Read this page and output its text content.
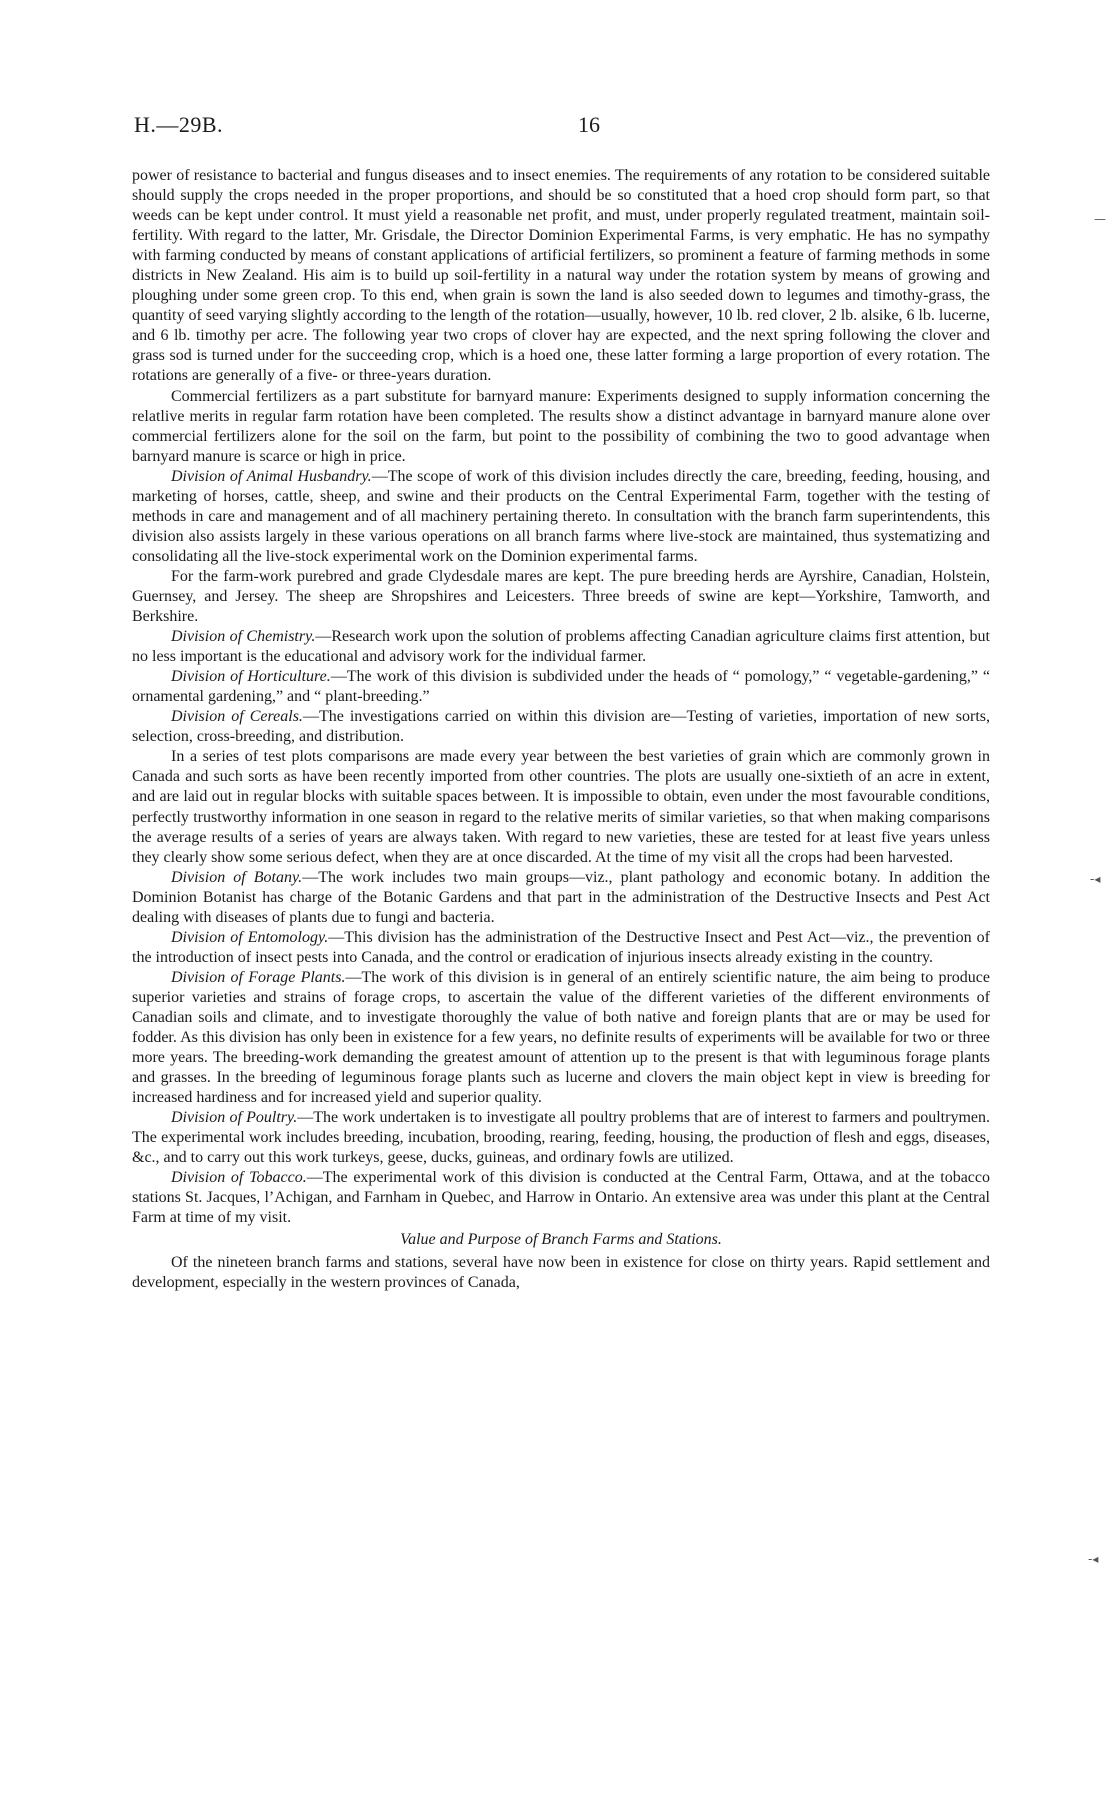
H.—29B.	16

power of resistance to bacterial and fungus diseases and to insect enemies. The requirements of any rotation to be considered suitable should supply the crops needed in the proper proportions, and should be so constituted that a hoed crop should form part, so that weeds can be kept under control. It must yield a reasonable net profit, and must, under properly regulated treatment, maintain soil-fertility. With regard to the latter, Mr. Grisdale, the Director Dominion Experimental Farms, is very emphatic. He has no sympathy with farming conducted by means of constant applications of artificial fertilizers, so prominent a feature of farming methods in some districts in New Zealand. His aim is to build up soil-fertility in a natural way under the rotation system by means of growing and ploughing under some green crop. To this end, when grain is sown the land is also seeded down to legumes and timothy-grass, the quantity of seed varying slightly according to the length of the rotation—usually, however, 10 lb. red clover, 2 lb. alsike, 6 lb. lucerne, and 6 lb. timothy per acre. The following year two crops of clover hay are expected, and the next spring following the clover and grass sod is turned under for the succeeding crop, which is a hoed one, these latter forming a large proportion of every rotation. The rotations are generally of a five- or three-years duration.

Commercial fertilizers as a part substitute for barnyard manure: Experiments designed to supply information concerning the relatlive merits in regular farm rotation have been completed. The results show a distinct advantage in barnyard manure alone over commercial fertilizers alone for the soil on the farm, but point to the possibility of combining the two to good advantage when barnyard manure is scarce or high in price.

Division of Animal Husbandry.—The scope of work of this division includes directly the care, breeding, feeding, housing, and marketing of horses, cattle, sheep, and swine and their products on the Central Experimental Farm, together with the testing of methods in care and management and of all machinery pertaining thereto. In consultation with the branch farm superintendents, this division also assists largely in these various operations on all branch farms where live-stock are maintained, thus systematizing and consolidating all the live-stock experimental work on the Dominion experimental farms.

For the farm-work purebred and grade Clydesdale mares are kept. The pure breeding herds are Ayrshire, Canadian, Holstein, Guernsey, and Jersey. The sheep are Shropshires and Leicesters. Three breeds of swine are kept—Yorkshire, Tamworth, and Berkshire.

Division of Chemistry.—Research work upon the solution of problems affecting Canadian agriculture claims first attention, but no less important is the educational and advisory work for the individual farmer.

Division of Horticulture.—The work of this division is subdivided under the heads of “ pomology,” “ vegetable-gardening,” “ ornamental gardening,” and “ plant-breeding.”

Division of Cereals.—The investigations carried on within this division are—Testing of varieties, importation of new sorts, selection, cross-breeding, and distribution.

In a series of test plots comparisons are made every year between the best varieties of grain which are commonly grown in Canada and such sorts as have been recently imported from other countries. The plots are usually one-sixtieth of an acre in extent, and are laid out in regular blocks with suitable spaces between. It is impossible to obtain, even under the most favourable conditions, perfectly trustworthy information in one season in regard to the relative merits of similar varieties, so that when making comparisons the average results of a series of years are always taken. With regard to new varieties, these are tested for at least five years unless they clearly show some serious defect, when they are at once discarded. At the time of my visit all the crops had been harvested.

Division of Botany.—The work includes two main groups—viz., plant pathology and economic botany. In addition the Dominion Botanist has charge of the Botanic Gardens and that part in the administration of the Destructive Insects and Pest Act dealing with diseases of plants due to fungi and bacteria.

Division of Entomology.—This division has the administration of the Destructive Insect and Pest Act—viz., the prevention of the introduction of insect pests into Canada, and the control or eradication of injurious insects already existing in the country.

Division of Forage Plants.—The work of this division is in general of an entirely scientific nature, the aim being to produce superior varieties and strains of forage crops, to ascertain the value of the different varieties of the different environments of Canadian soils and climate, and to investigate thoroughly the value of both native and foreign plants that are or may be used for fodder. As this division has only been in existence for a few years, no definite results of experiments will be available for two or three more years. The breeding-work demanding the greatest amount of attention up to the present is that with leguminous forage plants and grasses. In the breeding of leguminous forage plants such as lucerne and clovers the main object kept in view is breeding for increased hardiness and for increased yield and superior quality.

Division of Poultry.—The work undertaken is to investigate all poultry problems that are of interest to farmers and poultrymen. The experimental work includes breeding, incubation, brooding, rearing, feeding, housing, the production of flesh and eggs, diseases, &c., and to carry out this work turkeys, geese, ducks, guineas, and ordinary fowls are utilized.

Division of Tobacco.—The experimental work of this division is conducted at the Central Farm, Ottawa, and at the tobacco stations St. Jacques, l’Achigan, and Farnham in Quebec, and Harrow in Ontario. An extensive area was under this plant at the Central Farm at time of my visit.

Value and Purpose of Branch Farms and Stations.

Of the nineteen branch farms and stations, several have now been in existence for close on thirty years. Rapid settlement and development, especially in the western provinces of Canada,

—
-◂
-◂
